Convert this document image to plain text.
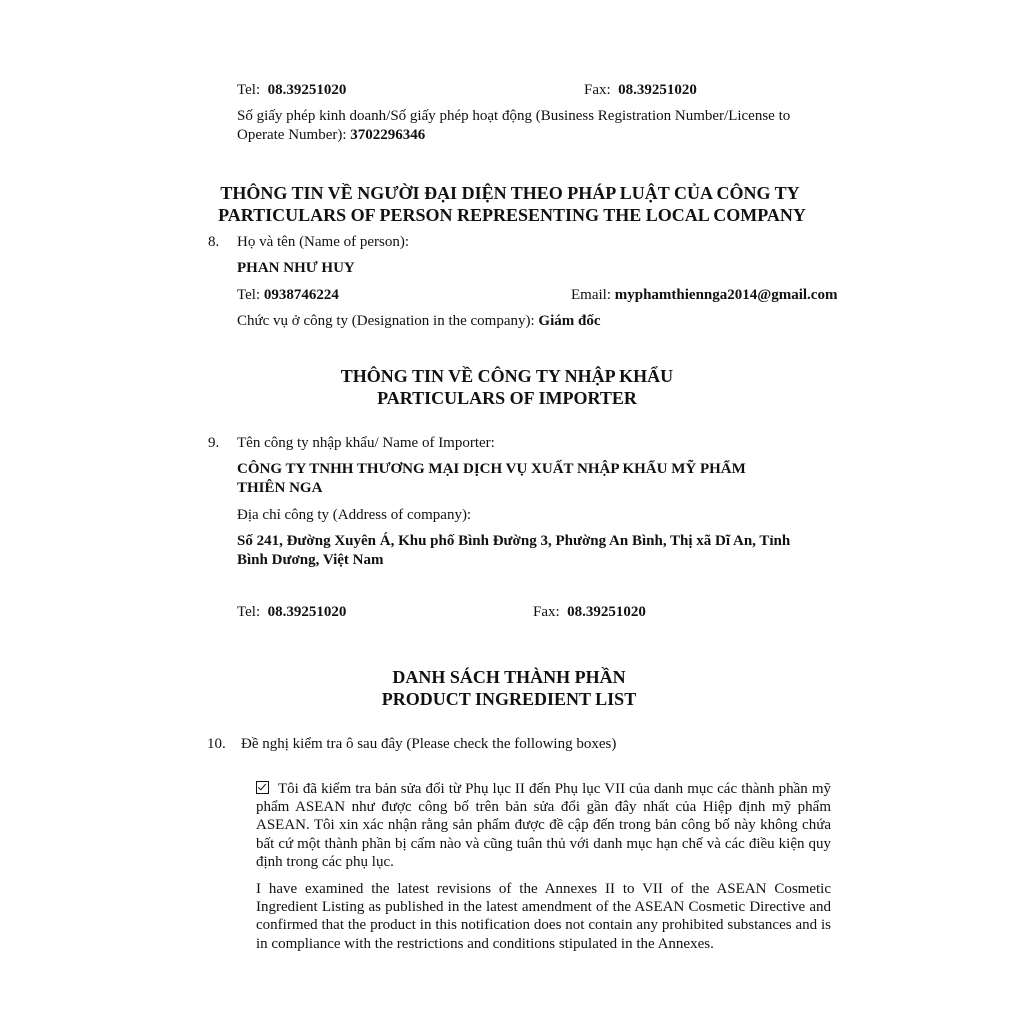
Tel: 08.39251020	Fax: 08.39251020
Số giấy phép kinh doanh/Số giấy phép hoạt động (Business Registration Number/License to
Operate Number): 3702296346
THÔNG TIN VỀ NGƯỜI ĐẠI DIỆN THEO PHÁP LUẬT CỦA CÔNG TY
PARTICULARS OF PERSON REPRESENTING THE LOCAL COMPANY
8. Họ và tên (Name of person):
PHAN NHƯ HUY
Tel: 0938746224	Email: myphamthiennga2014@gmail.com
Chức vụ ở công ty (Designation in the company): Giám đốc
THÔNG TIN VỀ CÔNG TY NHẬP KHẨU
PARTICULARS OF IMPORTER
9. Tên công ty nhập khẩu/ Name of Importer:
CÔNG TY TNHH THƯƠNG MẠI DỊCH VỤ XUẤT NHẬP KHẨU MỸ PHẨM
THIÊN NGA
Địa chỉ công ty (Address of company):
Số 241, Đường Xuyên Á, Khu phố Bình Đường 3, Phường An Bình, Thị xã Dĩ An, Tỉnh
Bình Dương, Việt Nam
Tel: 08.39251020	Fax: 08.39251020
DANH SÁCH THÀNH PHẦN
PRODUCT INGREDIENT LIST
10. Đề nghị kiểm tra ô sau đây (Please check the following boxes)
Tôi đã kiểm tra bản sửa đổi từ Phụ lục II đến Phụ lục VII của danh mục các thành phần mỹ phẩm ASEAN như được công bố trên bản sửa đổi gần đây nhất của Hiệp định mỹ phẩm ASEAN. Tôi xin xác nhận rằng sản phẩm được đề cập đến trong bản công bố này không chứa bất cứ một thành phần bị cấm nào và cũng tuân thủ với danh mục hạn chế và các điều kiện quy định trong các phụ lục.
I have examined the latest revisions of the Annexes II to VII of the ASEAN Cosmetic Ingredient Listing as published in the latest amendment of the ASEAN Cosmetic Directive and confirmed that the product in this notification does not contain any prohibited substances and is in compliance with the restrictions and conditions stipulated in the Annexes.
